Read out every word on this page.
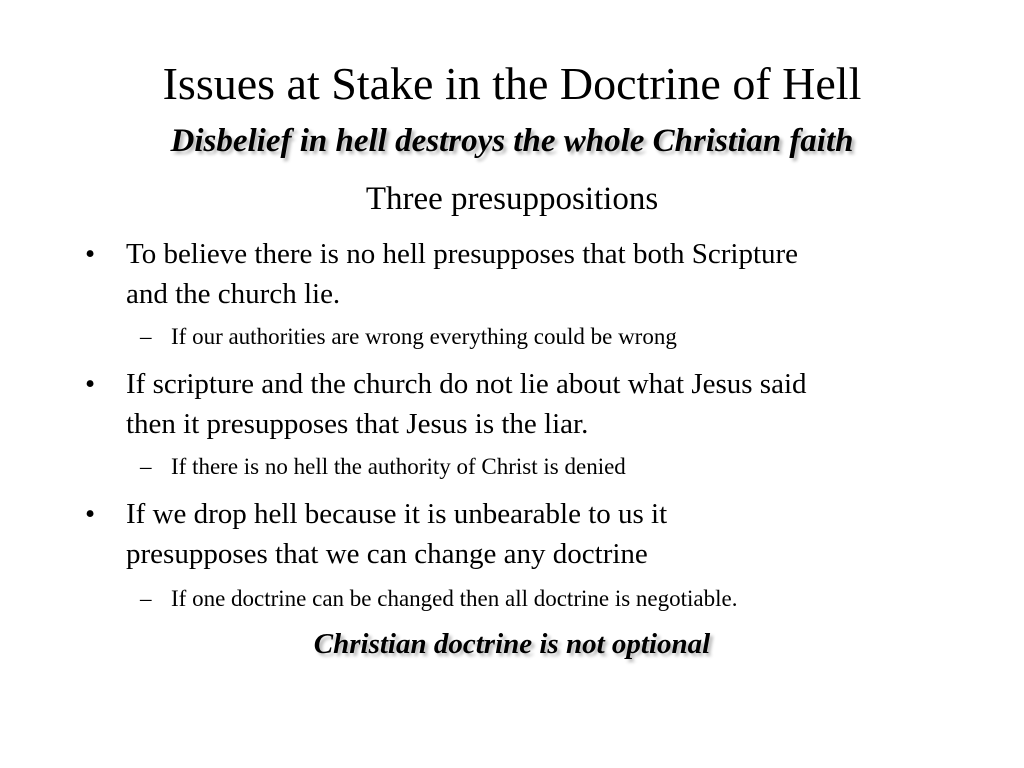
Issues at Stake in the Doctrine of Hell
Disbelief in hell destroys the whole Christian faith
Three presuppositions
• To believe there is no hell presupposes that both Scripture
and the church lie.
– If our authorities are wrong everything could be wrong
• If scripture and the church do not lie about what Jesus said
then it presupposes that Jesus is the liar.
– If there is no hell the authority of Christ is denied
• If we drop hell because it is unbearable to us it
presupposes that we can change any doctrine
– If one doctrine can be changed then all doctrine is negotiable.
Christian doctrine is not optional
